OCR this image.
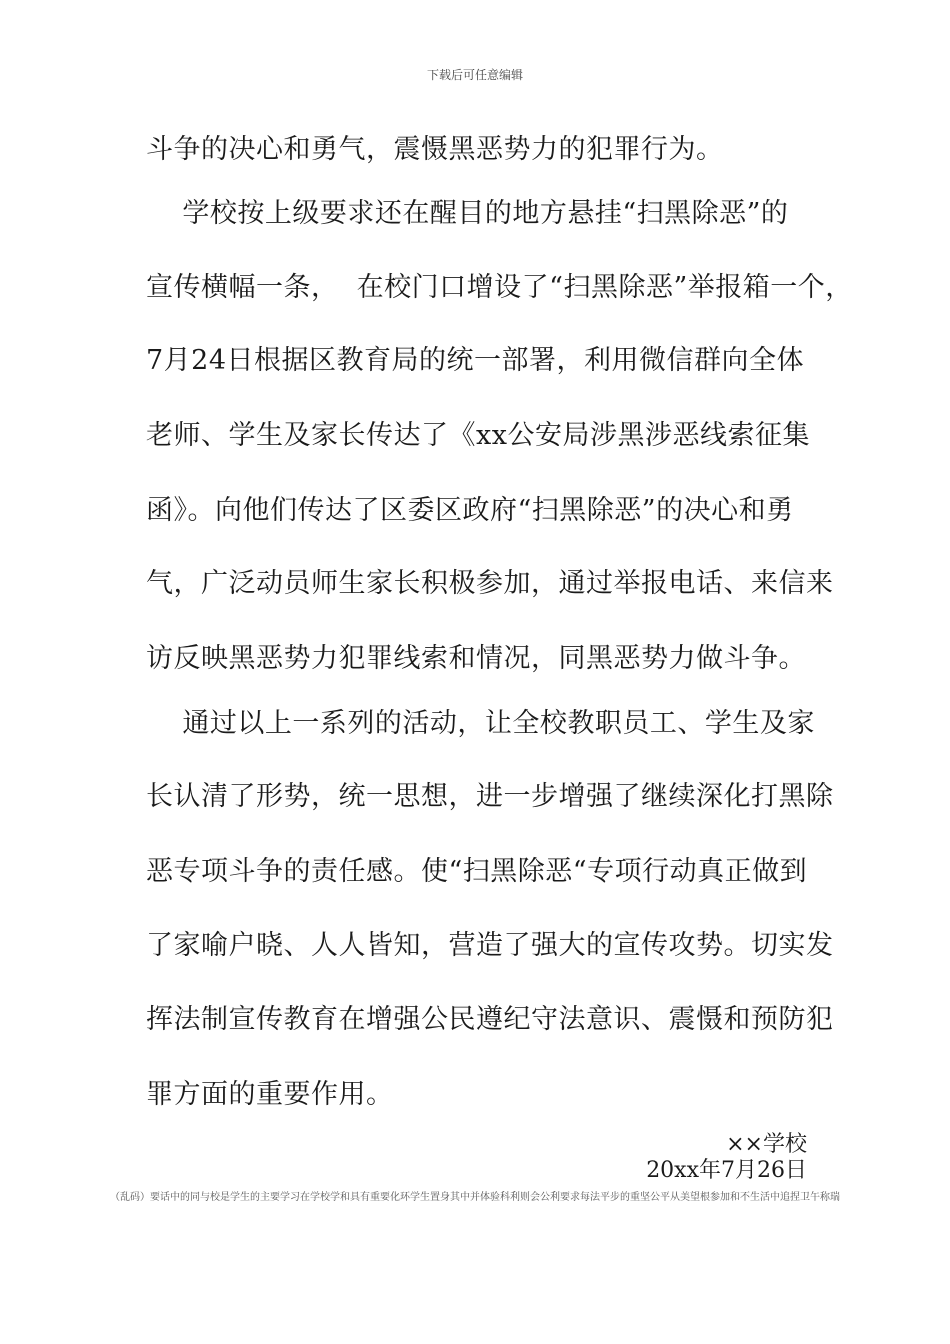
下载后可任意编辑
斗争的决心和勇气，震慑黑恶势力的犯罪行为。
学校按上级要求还在醒目的地方悬挂“扫黑除恶”的
宣传横幅一条，  在校门口增设了“扫黑除恶”举报箱一个，
7月24日根据区教育局的统一部署，利用微信群向全体
老师、学生及家长传达了《xx公安局涉黑涉恶线索征集
函》。向他们传达了区委区政府“扫黑除恶”的决心和勇
气，广泛动员师生家长积极参加，通过举报电话、来信来
访反映黑恶势力犯罪线索和情况，同黑恶势力做斗争。
通过以上一系列的活动，让全校教职员工、学生及家
长认清了形势，统一思想，进一步增强了继续深化打黑除
恶专项斗争的责任感。使“扫黑除恶“专项行动真正做到
了家喻户晓、人人皆知，营造了强大的宣传攻势。切实发
挥法制宣传教育在增强公民遵纪守法意识、震慑和预防犯
罪方面的重要作用。
××学校
20xx年7月26日
（乱码）要话中的同与校是学生的主要学习在学校学和具有重要化环学生置身其中并体验科利则会公利要求每法平步的重坚公平从美望根参加和不生活中追捏卫午称瑞
